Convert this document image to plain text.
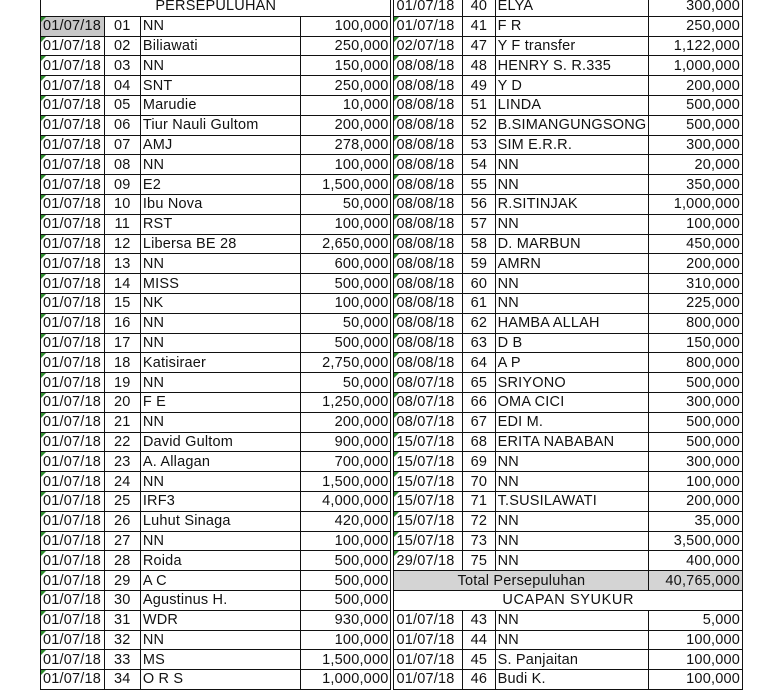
PERSEPULUHAN					01/07/18	40	ELYA	300,000
01/07/18	01	NN	100,000		01/07/18	41	F R	250,000
01/07/18	02	Biliawati	250,000		02/07/18	47	Y F transfer	1,122,000
01/07/18	03	NN	150,000		08/08/18	48	HENRY S. R.335	1,000,000
01/07/18	04	SNT	250,000		08/08/18	49	Y D	200,000
01/07/18	05	Marudie	10,000		08/08/18	51	LINDA	500,000
01/07/18	06	Tiur Nauli Gultom	200,000		08/08/18	52	B.SIMANGUNGSONG	500,000
01/07/18	07	AMJ	278,000		08/08/18	53	SIM E.R.R.	300,000
01/07/18	08	NN	100,000		08/08/18	54	NN	20,000
01/07/18	09	E2	1,500,000		08/08/18	55	NN	350,000
01/07/18	10	Ibu Nova	50,000		08/08/18	56	R.SITINJAK	1,000,000
01/07/18	11	RST	100,000		08/08/18	57	NN	100,000
01/07/18	12	Libersa BE 28	2,650,000		08/08/18	58	D. MARBUN	450,000
01/07/18	13	NN	600,000		08/08/18	59	AMRN	200,000
01/07/18	14	MISS	500,000		08/08/18	60	NN	310,000
01/07/18	15	NK	100,000		08/08/18	61	NN	225,000
01/07/18	16	NN	50,000		08/08/18	62	HAMBA ALLAH	800,000
01/07/18	17	NN	500,000		08/08/18	63	D B	150,000
01/07/18	18	Katisiraer	2,750,000		08/08/18	64	A P	800,000
01/07/18	19	NN	50,000		08/07/18	65	SRIYONO	500,000
01/07/18	20	F E	1,250,000		08/07/18	66	OMA CICI	300,000
01/07/18	21	NN	200,000		08/07/18	67	EDI M.	500,000
01/07/18	22	David Gultom	900,000		15/07/18	68	ERITA NABABAN	500,000
01/07/18	23	A. Allagan	700,000		15/07/18	69	NN	300,000
01/07/18	24	NN	1,500,000		15/07/18	70	NN	100,000
01/07/18	25	IRF3	4,000,000		15/07/18	71	T.SUSILAWATI	200,000
01/07/18	26	Luhut Sinaga	420,000		15/07/18	72	NN	35,000
01/07/18	27	NN	100,000		15/07/18	73	NN	3,500,000
01/07/18	28	Roida	500,000		29/07/18	75	NN	400,000
01/07/18	29	A C	500,000		Total Persepuluhan			40,765,000
01/07/18	30	Agustinus H.	500,000		UCAPAN SYUKUR			
01/07/18	31	WDR	930,000		01/07/18	43	NN	5,000
01/07/18	32	NN	100,000		01/07/18	44	NN	100,000
01/07/18	33	MS	1,500,000		01/07/18	45	S. Panjaitan	100,000
01/07/18	34	O R S	1,000,000		01/07/18	46	Budi K.	100,000
